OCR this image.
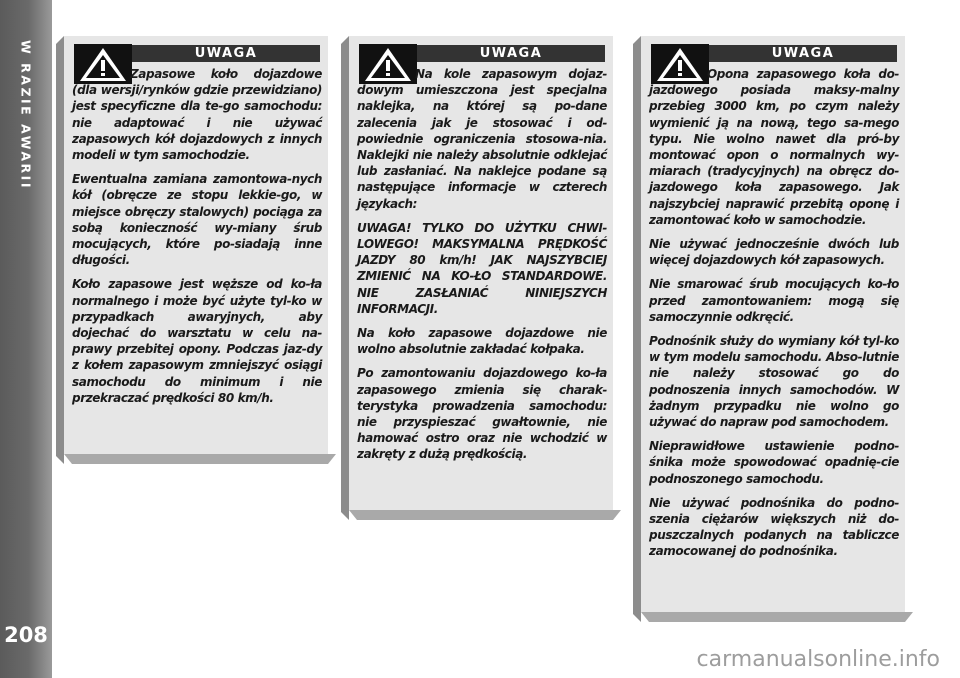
W RAZIE AWARII
208
UWAGA

Zapasowe koło dojazdowe (dla wersji/rynków gdzie przewidziano) jest specyficzne dla te-go samochodu: nie adaptować i nie używać zapasowych kół dojazdowych z innych modeli w tym samochodzie.

Ewentualna zamiana zamontowa-nych kół (obręcze ze stopu lekkie-go, w miejsce obręczy stalowych) pociąga za sobą konieczność wy-miany śrub mocujących, które po-siadają inne długości.

Koło zapasowe jest węższe od ko-ła normalnego i może być użyte tyl-ko w przypadkach awaryjnych, aby dojechać do warsztatu w celu na-prawy przebitej opony. Podczas jaz-dy z kołem zapasowym zmniejszyć osiągi samochodu do minimum i nie przekraczać prędkości 80 km/h.

UWAGA

Na kole zapasowym dojaz-dowym umieszczona jest specjalna naklejka, na której są po-dane zalecenia jak je stosować i od-powiednie ograniczenia stosowa-nia. Naklejki nie należy absolutnie odklejać lub zasłaniać. Na naklejce podane są następujące informacje w czterech językach:

UWAGA! TYLKO DO UŻYTKU CHWI-LOWEGO! MAKSYMALNA PRĘDKOŚĆ JAZDY 80 km/h! JAK NAJSZYBCIEJ ZMIENIĆ NA KO-ŁO STANDARDOWE. NIE ZASŁANIAĆ NINIEJSZYCH INFORMACJI.

Na koło zapasowe dojazdowe nie wolno absolutnie zakładać kołpaka.

Po zamontowaniu dojazdowego ko-ła zapasowego zmienia się charak-terystyka prowadzenia samochodu: nie przyspieszać gwałtownie, nie hamować ostro oraz nie wchodzić w zakręty z dużą prędkością.

UWAGA

Opona zapasowego koła do-jazdowego posiada maksy-malny przebieg 3000 km, po czym należy wymienić ją na nową, tego sa-mego typu. Nie wolno nawet dla pró-by montować opon o normalnych wy-miarach (tradycyjnych) na obręcz do-jazdowego koła zapasowego. Jak najszybciej naprawić przebitą oponę i zamontować koło w samochodzie.

Nie używać jednocześnie dwóch lub więcej dojazdowych kół zapasowych.

Nie smarować śrub mocujących ko-ło przed zamontowaniem: mogą się samoczynnie odkręcić.

Podnośnik służy do wymiany kół tyl-ko w tym modelu samochodu. Abso-lutnie nie należy stosować go do podnoszenia innych samochodów. W żadnym przypadku nie wolno go używać do napraw pod samochodem.

Nieprawidłowe ustawienie podno-śnika może spowodować opadnię-cie podnoszonego samochodu.

Nie używać podnośnika do podno-szenia ciężarów większych niż do-puszczalnych podanych na tabliczce zamocowanej do podnośnika.

carmanualsonline.info
